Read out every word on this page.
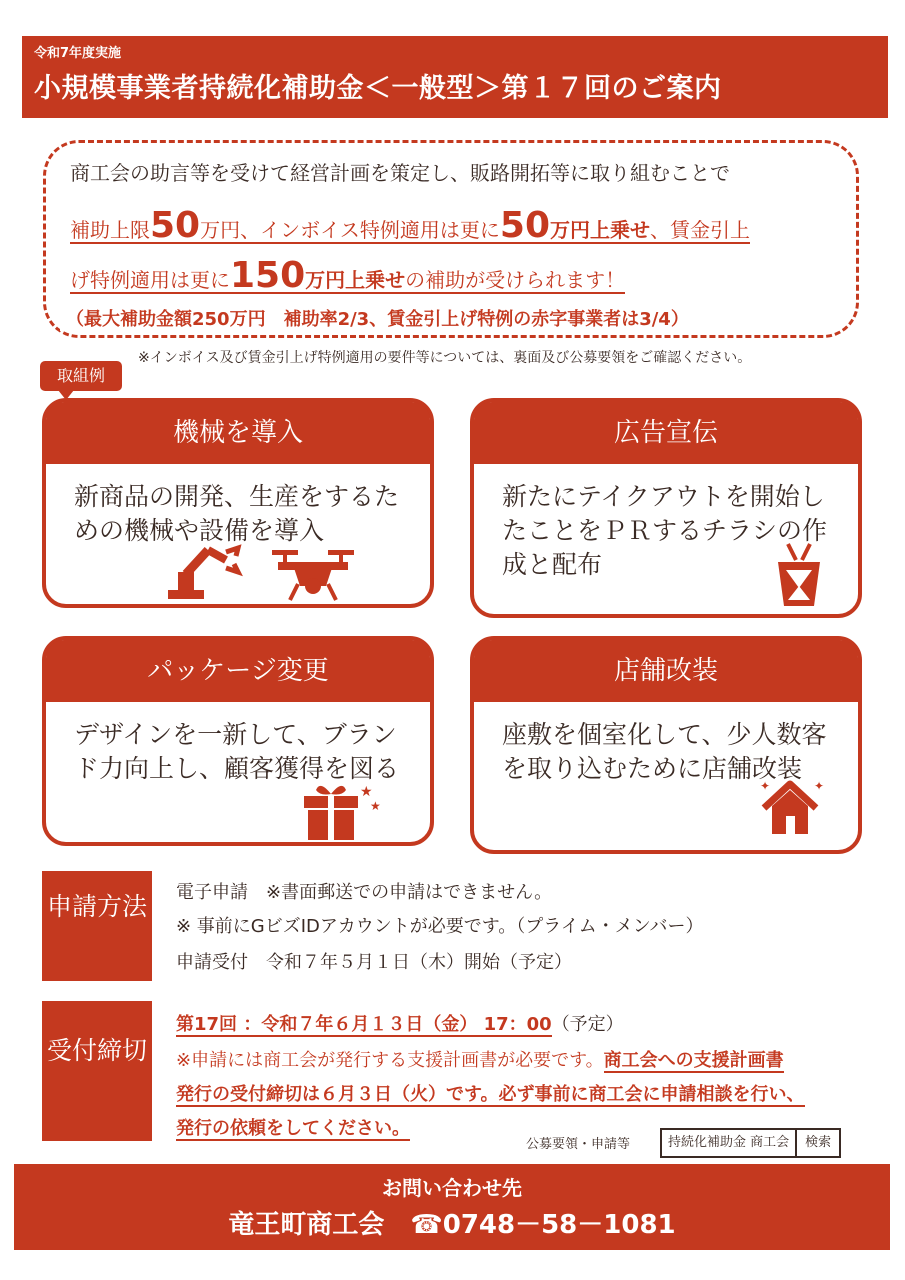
令和7年度実施
小規模事業者持続化補助金＜一般型＞第１７回のご案内
商工会の助言等を受けて経営計画を策定し、販路開拓等に取り組むことで
補助上限50万円、インボイス特例適用は更に50万円上乗せ、賃金引上
げ特例適用は更に150万円上乗せの補助が受けられます！
（最大補助金額250万円　補助率2/3、賃金引上げ特例の赤字事業者は3/4）
※インボイス及び賃金引上げ特例適用の要件等については、裏面及び公募要領をご確認ください。
取組例
機械を導入
新商品の開発、生産をするための機械や設備を導入
広告宣伝
新たにテイクアウトを開始したことをＰＲするチラシの作成と配布
パッケージ変更
デザインを一新して、ブランド力向上し、顧客獲得を図る
★
★
店舗改装
座敷を個室化して、少人数客を取り込むために店舗改装
✦	✦
申請方法 電子申請　※書面郵送での申請はできません。
※ 事前にGビズIDアカウントが必要です。（プライム・メンバー）
申請受付　令和７年５月１日（木）開始（予定）
受付締切
第17回 ：令和７年６月１３日（金） 17：00（予定）
※申請には商工会が発行する支援計画書が必要です。商工会への支援計画書
発行の受付締切は６月３日（火）です。必ず事前に商工会に申請相談を行い、
発行の依頼をしてください。
公募要領・申請等	持続化補助金 商工会	検索
お問い合わせ先
竜王町商工会　☎0748－58－1081
